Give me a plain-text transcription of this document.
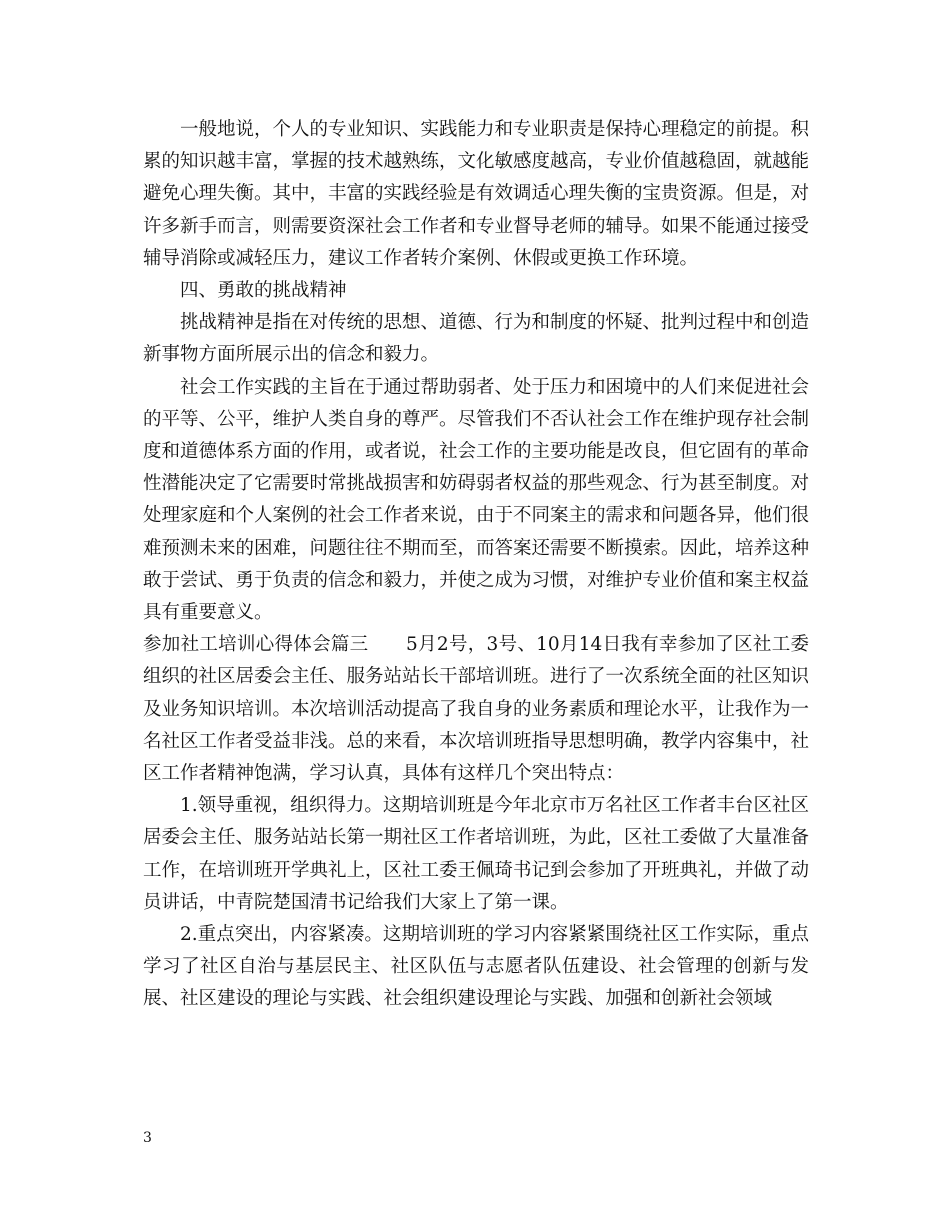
一般地说，个人的专业知识、实践能力和专业职责是保持心理稳定的前提。积累的知识越丰富，掌握的技术越熟练，文化敏感度越高，专业价值越稳固，就越能避免心理失衡。其中，丰富的实践经验是有效调适心理失衡的宝贵资源。但是，对许多新手而言，则需要资深社会工作者和专业督导老师的辅导。如果不能通过接受辅导消除或减轻压力，建议工作者转介案例、休假或更换工作环境。

四、勇敢的挑战精神

挑战精神是指在对传统的思想、道德、行为和制度的怀疑、批判过程中和创造新事物方面所展示出的信念和毅力。

社会工作实践的主旨在于通过帮助弱者、处于压力和困境中的人们来促进社会的平等、公平，维护人类自身的尊严。尽管我们不否认社会工作在维护现存社会制度和道德体系方面的作用，或者说，社会工作的主要功能是改良，但它固有的革命性潜能决定了它需要时常挑战损害和妨碍弱者权益的那些观念、行为甚至制度。对处理家庭和个人案例的社会工作者来说，由于不同案主的需求和问题各异，他们很难预测未来的困难，问题往往不期而至，而答案还需要不断摸索。因此，培养这种敢于尝试、勇于负责的信念和毅力，并使之成为习惯，对维护专业价值和案主权益具有重要意义。

参加社工培训心得体会篇三　　5月2号，3号、10月14日我有幸参加了区社工委组织的社区居委会主任、服务站站长干部培训班。进行了一次系统全面的社区知识及业务知识培训。本次培训活动提高了我自身的业务素质和理论水平，让我作为一名社区工作者受益非浅。总的来看，本次培训班指导思想明确，教学内容集中，社区工作者精神饱满，学习认真，具体有这样几个突出特点：

1.领导重视，组织得力。这期培训班是今年北京市万名社区工作者丰台区社区居委会主任、服务站站长第一期社区工作者培训班，为此，区社工委做了大量准备工作，在培训班开学典礼上，区社工委王佩琦书记到会参加了开班典礼，并做了动员讲话，中青院楚国清书记给我们大家上了第一课。

2.重点突出，内容紧凑。这期培训班的学习内容紧紧围绕社区工作实际，重点学习了社区自治与基层民主、社区队伍与志愿者队伍建设、社会管理的创新与发展、社区建设的理论与实践、社会组织建设理论与实践、加强和创新社会领域

3
